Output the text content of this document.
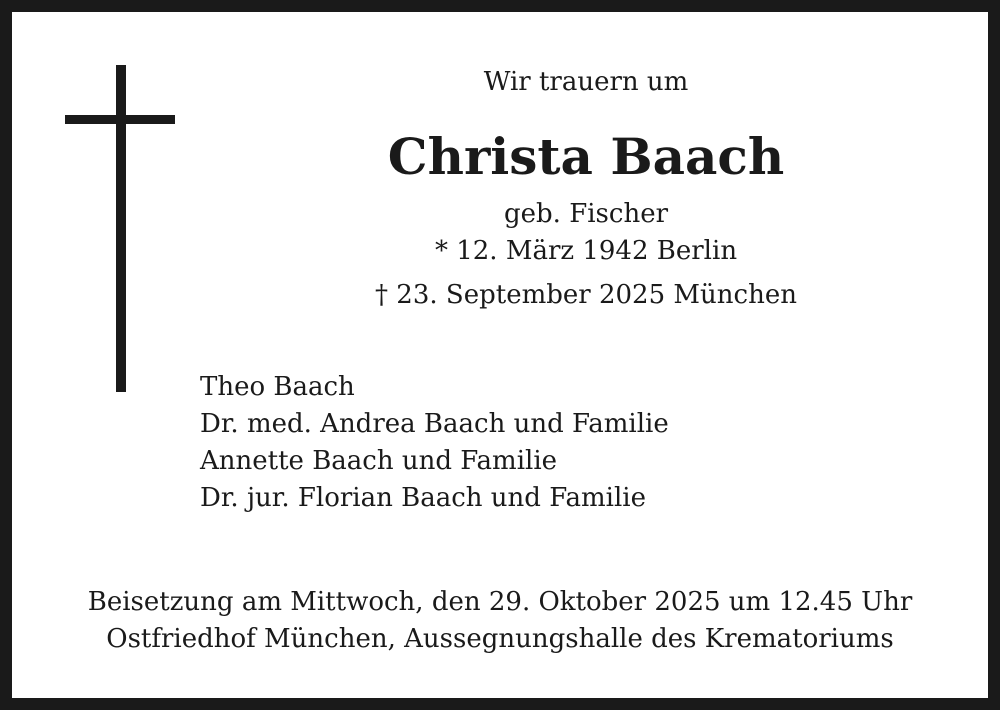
Wir trauern um
Christa Baach
geb. Fischer
* 12. März 1942 Berlin
† 23. September 2025 München
Theo Baach
Dr. med. Andrea Baach und Familie
Annette Baach und Familie
Dr. jur. Florian Baach und Familie
Beisetzung am Mittwoch, den 29. Oktober 2025 um 12.45 Uhr
Ostfriedhof München, Aussegnungshalle des Krematoriums
